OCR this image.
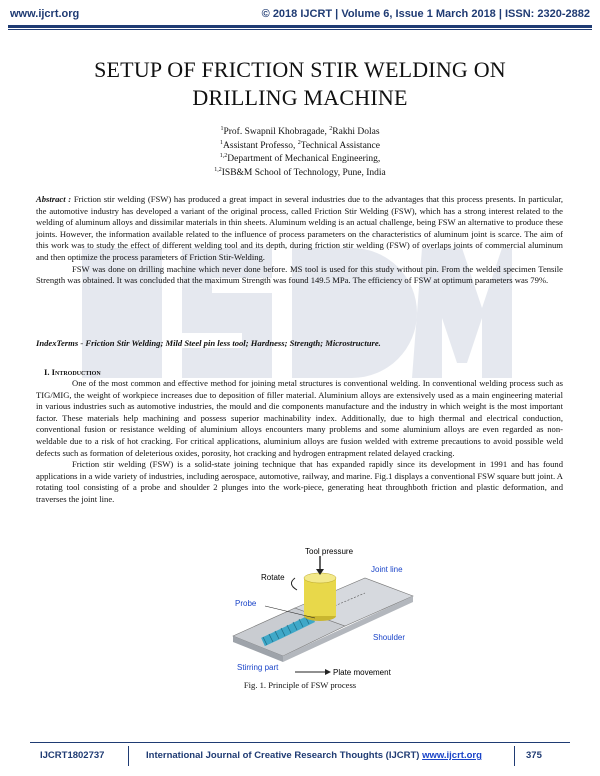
www.ijcrt.org	© 2018 IJCRT | Volume 6, Issue 1 March 2018 | ISSN: 2320-2882
SETUP OF FRICTION STIR WELDING ON
DRILLING MACHINE
$^1$Prof. Swapnil Khobragade, $^2$Rakhi Dolas
$^1$Assistant Professo, $^2$Technical Assistance
$^{1,2}$Department of Mechanical Engineering,
$^{1,2}$ISB&M School of Technology, Pune, India

Abstract : Friction stir welding (FSW) has produced a great impact in several industries due to the advantages that this process presents. In particular, the automotive industry has developed a variant of the original process, called Friction Stir Welding (FSW), which has a strong interest related to the welding of aluminum alloys and dissimilar materials in thin sheets. Aluminum welding is an actual challenge, being FSW an alternative to produce these joints. However, the information available related to the influence of process parameters on the characteristics of aluminum joint is scarce. The aim of this work was to study the effect of different welding tool and its depth, during friction stir welding (FSW) of overlaps joints of commercial aluminum and then optimize the process parameters of Friction Stir-Welding.

FSW was done on drilling machine which never done before. MS tool is used for this study without pin. From the welded specimen Tensile Strength was obtained. It was concluded that the maximum Strength was found 149.5 MPa. The efficiency of FSW at optimum parameters was 79%.

IndexTerms - Friction Stir Welding; Mild Steel pin less tool; Hardness; Strength; Microstructure.
I. Introduction

One of the most common and effective method for joining metal structures is conventional welding. In conventional welding process such as TIG/MIG, the weight of workpiece increases due to deposition of filler material. Aluminium alloys are extensively used as a main engineering material in various industries such as automotive industries, the mould and die components manufacture and the industry in which weight is the most important factor. These materials help machining and possess superior machinability index. Additionally, due to high thermal and electrical conduction, conventional fusion or resistance welding of aluminium alloys encounters many problems and some aluminium alloys are even regarded as non-weldable due to a risk of hot cracking. For critical applications, aluminium alloys are fusion welded with extreme precautions to avoid possible weld defects such as formation of deleterious oxides, porosity, hot cracking and hydrogen entrapment related delayed cracking.

Friction stir welding (FSW) is a solid-state joining technique that has expanded rapidly since its development in 1991 and has found applications in a wide variety of industries, including aerospace, automotive, railway, and marine. Fig.1 displays a conventional FSW square butt joint. A rotating tool consisting of a probe and shoulder 2 plunges into the work-piece, generating heat throughboth friction and plastic deformation, and traverses the joint line.

Tool pressure
Rotate
Joint line
Probe
Shoulder
Stirring part
Plate movement
Fig. 1. Principle of FSW process
IJCRT1802737	International Journal of Creative Research Thoughts (IJCRT) www.ijcrt.org	375
